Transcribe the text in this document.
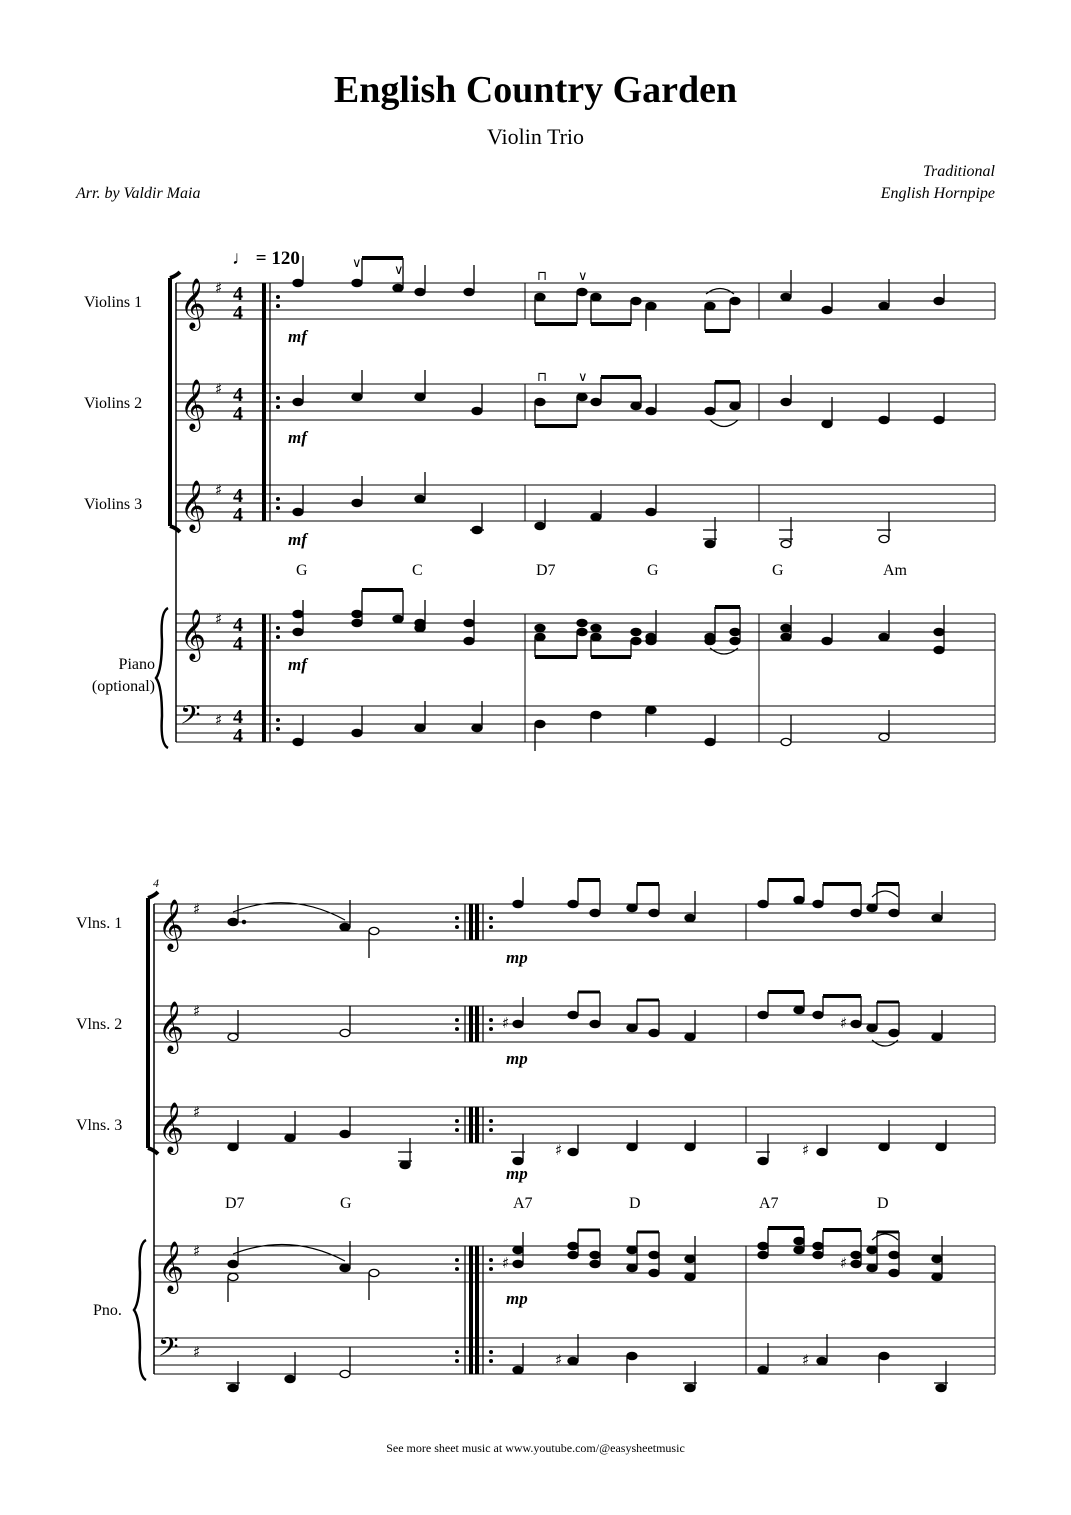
English Country Garden
Violin Trio
Traditional
English Hornpipe
Arr. by Valdir Maia
♩ = 120
See more sheet music at www.youtube.com/@easysheetmusic
𝄞
𝄞
𝄞
𝄞
𝄢
♯
♯
♯
♯
♯
4
4
4
4
4
4
4
4
4
4
∨ ∨	⊓ ∨
⊓ ∨
𝄞
𝄞
𝄞
𝄞
𝄢
♯
♯
♯
♯
♯
♯	♯
♯	♯
♯	♯
♯	♯
4
Violins 1
Violins 2
Violins 3
Piano
(optional)
Vlns. 1
Vlns. 2
Vlns. 3
Pno.
G	C	D7	G	G	Am
D7	G	A7	D	A7	D
mf
mf
mf
mf
mp
mp
mp
mp
